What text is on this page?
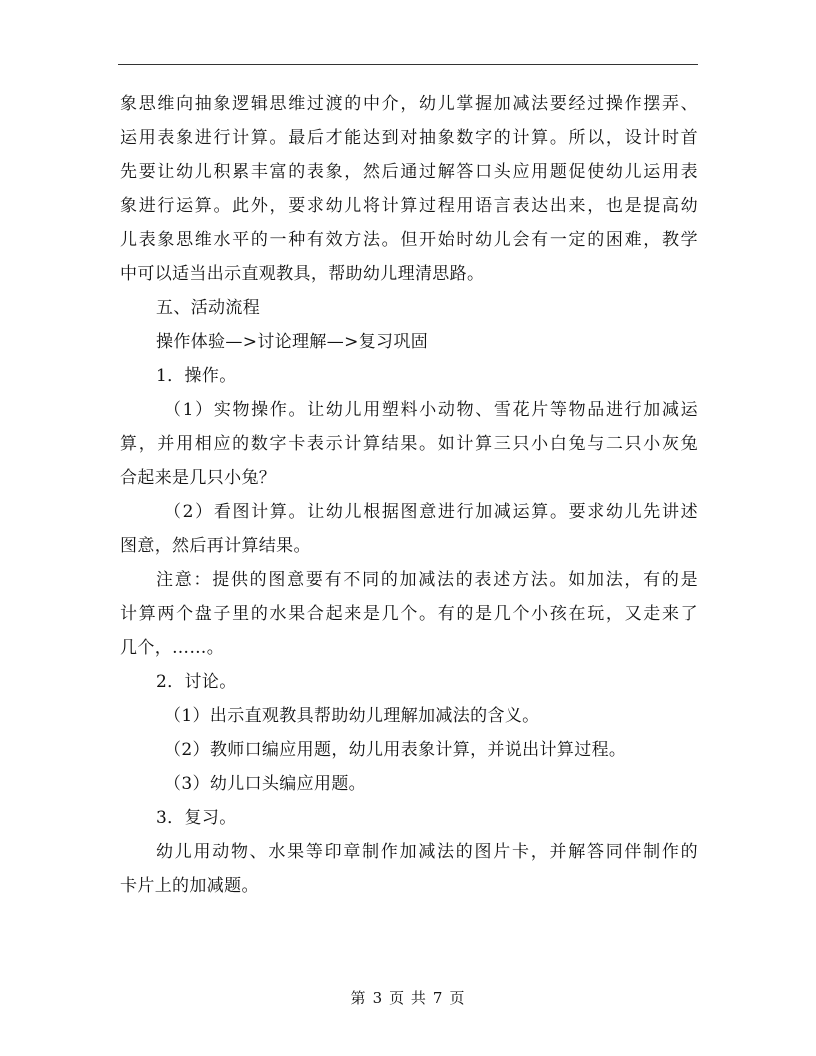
象思维向抽象逻辑思维过渡的中介，幼儿掌握加减法要经过操作摆弄、
运用表象进行计算。最后才能达到对抽象数字的计算。所以，设计时首
先要让幼儿积累丰富的表象，然后通过解答口头应用题促使幼儿运用表
象进行运算。此外，要求幼儿将计算过程用语言表达出来，也是提高幼
儿表象思维水平的一种有效方法。但开始时幼儿会有一定的困难，教学
中可以适当出示直观教具，帮助幼儿理清思路。
五、活动流程
操作体验—>讨论理解—>复习巩固
1．操作。
（1）实物操作。让幼儿用塑料小动物、雪花片等物品进行加减运
算，并用相应的数字卡表示计算结果。如计算三只小白兔与二只小灰兔
合起来是几只小兔？
（2）看图计算。让幼儿根据图意进行加减运算。要求幼儿先讲述
图意，然后再计算结果。
注意：提供的图意要有不同的加减法的表述方法。如加法，有的是
计算两个盘子里的水果合起来是几个。有的是几个小孩在玩，又走来了
几个，……。
2．讨论。
（1）出示直观教具帮助幼儿理解加减法的含义。
（2）教师口编应用题，幼儿用表象计算，并说出计算过程。
（3）幼儿口头编应用题。
3．复习。
幼儿用动物、水果等印章制作加减法的图片卡，并解答同伴制作的
卡片上的加减题。
第 3 页 共 7 页
